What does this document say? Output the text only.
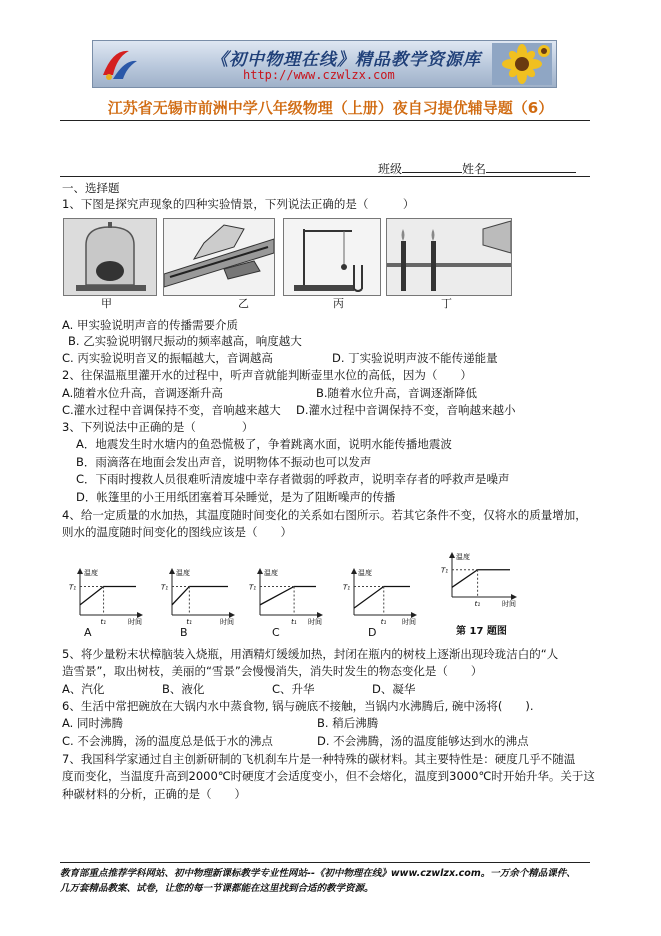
《初中物理在线》精品教学资源库
http://www.czwlzx.com
江苏省无锡市前洲中学八年级物理（上册）夜自习提优辅导题（6）
班级	姓名
一、选择题
1、下图是探究声现象的四种实验情景，下列说法正确的是（　　　）
甲	乙	丙	丁
A. 甲实验说明声音的传播需要介质
B. 乙实验说明钢尺振动的频率越高，响度越大
C. 丙实验说明音叉的振幅越大，音调越高	D. 丁实验说明声波不能传递能量
2、往保温瓶里灌开水的过程中，听声音就能判断壶里水位的高低，因为（　　）
A.随着水位升高，音调逐渐升高	B.随着水位升高，音调逐渐降低
C.灌水过程中音调保持不变，音响越来越大 D.灌水过程中音调保持不变，音响越来越小
3、下列说法中正确的是（　　　　）
A．地震发生时水塘内的鱼恐慌极了，争着跳离水面，说明水能传播地震波
B．雨滴落在地面会发出声音，说明物体不振动也可以发声
C．下雨时搜救人员很难听清废墟中幸存者微弱的呼救声，说明幸存者的呼救声是噪声
D．帐篷里的小王用纸团塞着耳朵睡觉，是为了阻断噪声的传播
4、给一定质量的水加热，其温度随时间变化的关系如右图所示。若其它条件不变，仅将水的质量增加，
则水的温度随时间变化的图线应该是（　　）
温度
时间
T₁
t₁
温度
时间
T₁
t₁
温度
时间
T₁
t₁
温度
时间
T₁
t₁
温度
时间
T₁
t₁
A	B	C	D	第 17 题图
5、将少量粉末状樟脑装入烧瓶，用酒精灯缓缓加热，封闭在瓶内的树枝上逐渐出现玲珑洁白的“人
造雪景”，取出树枝，美丽的“雪景”会慢慢消失，消失时发生的物态变化是（　　）
A、汽化	B、液化	C、升华	D、凝华
6、生活中常把碗放在大锅内水中蒸食物, 锅与碗底不接触，当锅内水沸腾后, 碗中汤将(　　).
A. 同时沸腾	B. 稍后沸腾
C. 不会沸腾，汤的温度总是低于水的沸点	D. 不会沸腾，汤的温度能够达到水的沸点
7、我国科学家通过自主创新研制的飞机刹车片是一种特殊的碳材料。其主要特性是：硬度几乎不随温
度而变化，当温度升高到2000℃时硬度才会适度变小，但不会熔化，温度到3000℃时开始升华。关于这
种碳材料的分析，正确的是（　　）
教育部重点推荐学科网站、初中物理新课标教学专业性网站--《初中物理在线》www.czwlzx.com。一万余个精品课件、
几万套精品教案、试卷，让您的每一节课都能在这里找到合适的教学资源。
